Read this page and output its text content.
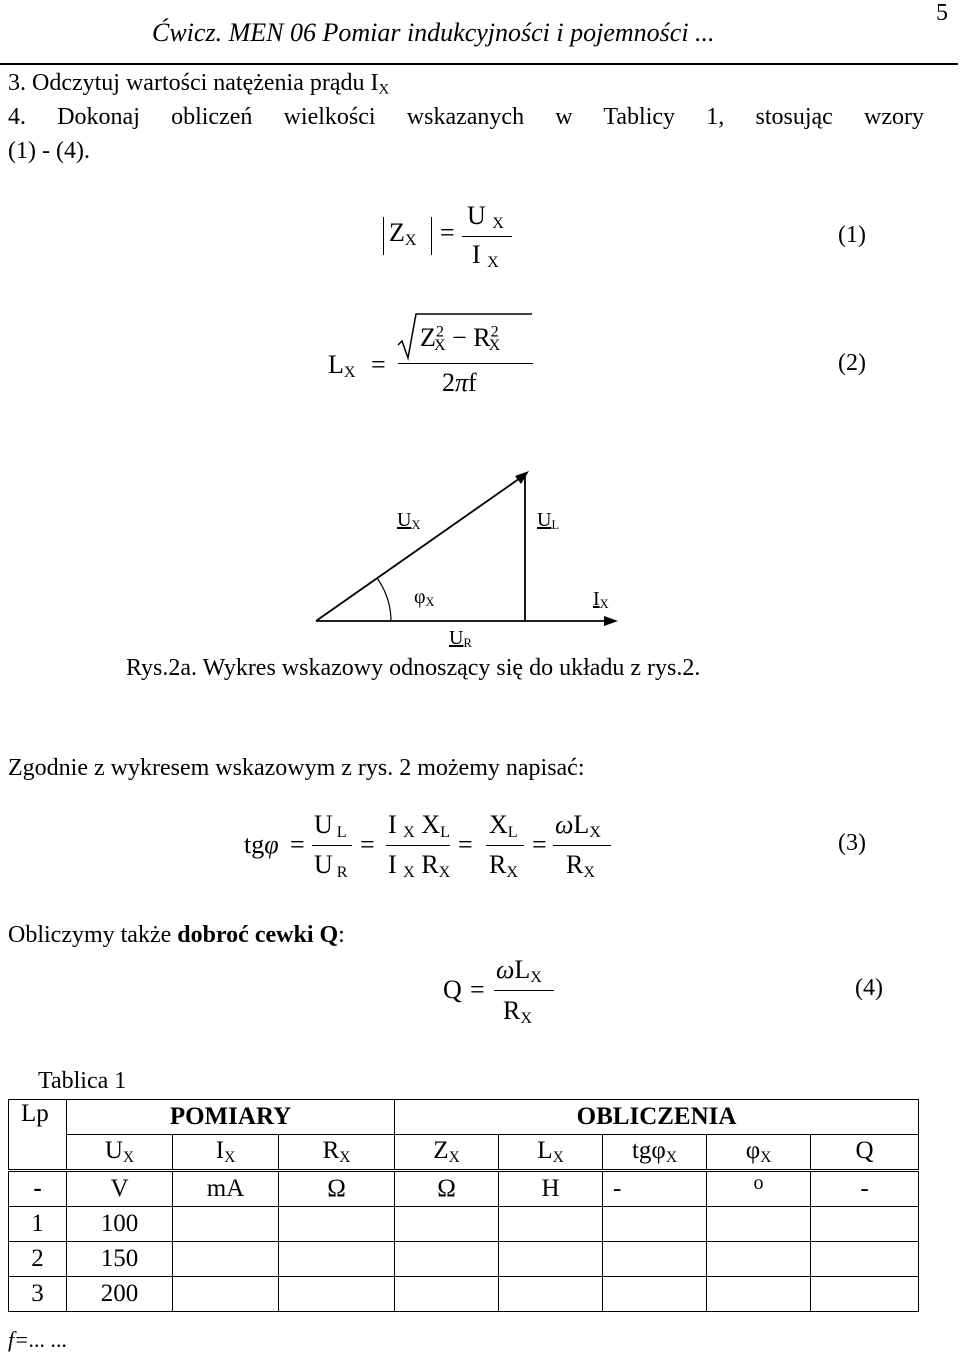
Ćwicz. MEN 06 Pomiar indukcyjności i pojemności ...
5
3. Odczytuj wartości natężenia prądu $I_X$
4. Dokonaj obliczeń wielkości wskazanych w Tablicy 1, stosując wzory
(1) - (4).
$Z_X$ =
U $_X$
I $_X$
(1)
$L_X$ =
$Z^2_X - R^2_X$
2πf
(2)
$U_X$	$U_L$
$\varphi_X$	$I_X$
$U_R$
Rys.2a. Wykres wskazowy odnoszący się do układu z rys.2.
Zgodnie z wykresem wskazowym z rys. 2 możemy napisać:
tgφ =
U $_L$
U $_R$
=
I $_X$ $X_L$
I $_X$ $R_X$
=
$X_L$
$R_X$
=
$\omega L_X$
$R_X$
(3)
Obliczymy także dobroć cewki Q:
Q =
$\omega L_X$
$R_X$
(4)
Tablica 1
Lp	POMIARY			OBLICZENIA				
	$U_X$	$I_X$	$R_X$	$Z_X$	$L_X$	tgφ$_X$	$\varphi_X$	Q
-	V	mA	Ω	Ω	H	-	o	-
1	100							
2	150							
3	200							
f=... ...
